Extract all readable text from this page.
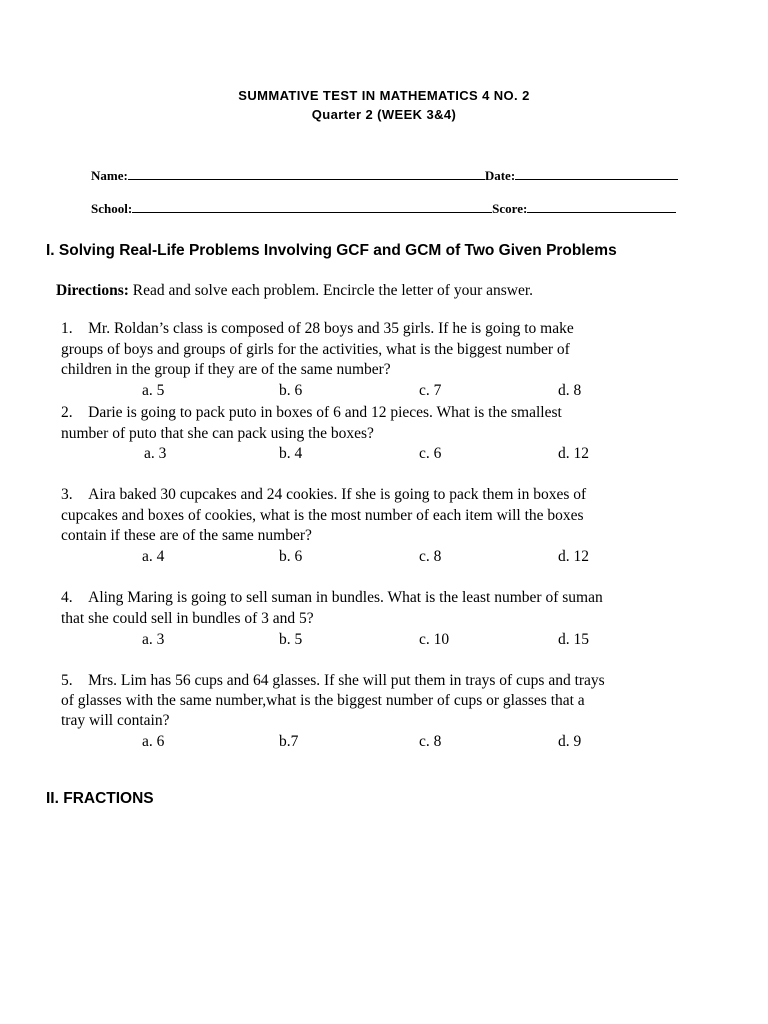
SUMMATIVE TEST IN MATHEMATICS 4 NO. 2
Quarter 2 (WEEK 3&4)
Name:	Date:
School:	Score:
I. Solving Real-Life Problems Involving GCF and GCM of Two Given Problems
Directions: Read and solve each problem. Encircle the letter of your answer.
1.    Mr. Roldan’s class is composed of 28 boys and 35 girls. If he is going to make
groups of boys and groups of girls for the activities, what is the biggest number of
children in the group if they are of the same number?
a. 5	b. 6	c. 7	d. 8
2.    Darie is going to pack puto in boxes of 6 and 12 pieces. What is the smallest
number of puto that she can pack using the boxes?
a. 3	b. 4	c. 6	d. 12
3.    Aira baked 30 cupcakes and 24 cookies. If she is going to pack them in boxes of
cupcakes and boxes of cookies, what is the most number of each item will the boxes
contain if these are of the same number?
a. 4	b. 6	c. 8	d. 12
4.    Aling Maring is going to sell suman in bundles. What is the least number of suman
that she could sell in bundles of 3 and 5?
a. 3	b. 5	c. 10	d. 15
5.    Mrs. Lim has 56 cups and 64 glasses. If she will put them in trays of cups and trays
of glasses with the same number,what is the biggest number of cups or glasses that a
tray will contain?
a. 6	b.7	c. 8	d. 9
II. FRACTIONS
